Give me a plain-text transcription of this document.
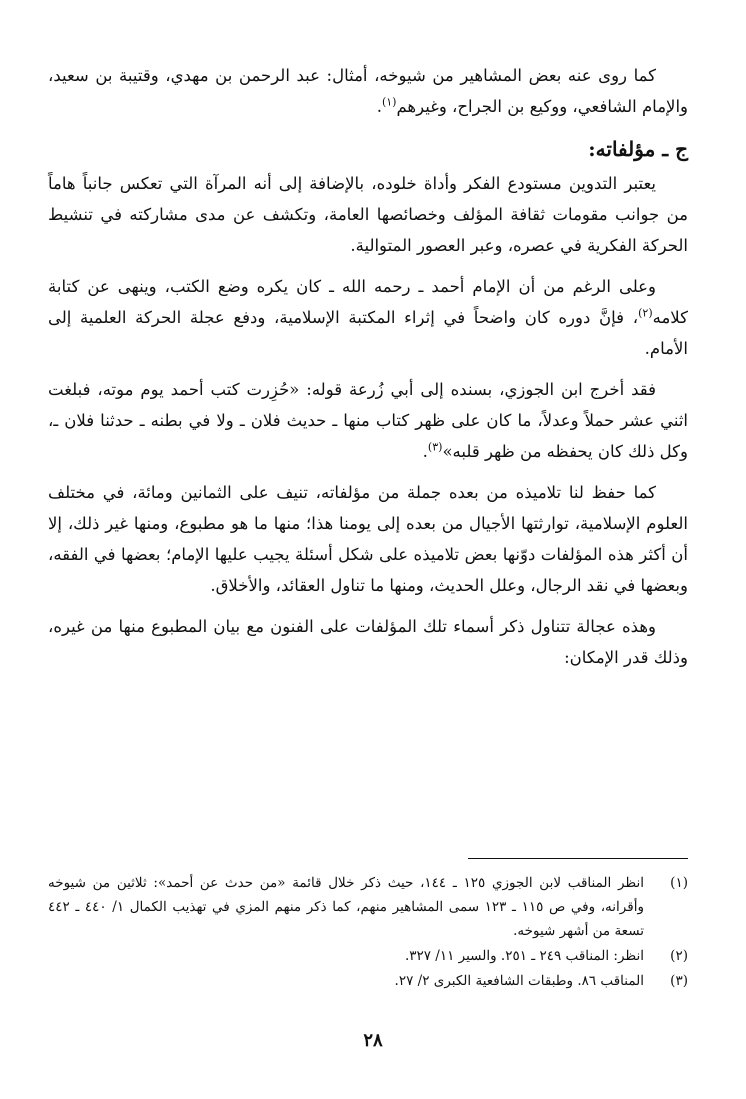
كما روى عنه بعض المشاهير من شيوخه، أمثال: عبد الرحمن بن مهدي، وقتيبة بن سعيد، والإمام الشافعي، ووكيع بن الجراح، وغيرهم$^{(١)}$.

ج ـ مؤلفاته:

يعتبر التدوين مستودع الفكر وأداة خلوده، بالإضافة إلى أنه المرآة التي تعكس جانباً هاماً من جوانب مقومات ثقافة المؤلف وخصائصها العامة، وتكشف عن مدى مشاركته في تنشيط الحركة الفكرية في عصره، وعبر العصور المتوالية.

وعلى الرغم من أن الإمام أحمد ـ رحمه الله ـ كان يكره وضع الكتب، وينهى عن كتابة كلامه$^{(٢)}$، فإنَّ دوره كان واضحاً في إثراء المكتبة الإسلامية، ودفع عجلة الحركة العلمية إلى الأمام.

فقد أخرج ابن الجوزي، بسنده إلى أبي زُرعة قوله: «حُزِرت كتب أحمد يوم موته، فبلغت اثني عشر حملاً وعدلاً، ما كان على ظهر كتاب منها ـ حديث فلان ـ ولا في بطنه ـ حدثنا فلان ـ، وكل ذلك كان يحفظه من ظهر قلبه»$^{(٣)}$.

كما حفظ لنا تلاميذه من بعده جملة من مؤلفاته، تنيف على الثمانين ومائة، في مختلف العلوم الإسلامية، توارثتها الأجيال من بعده إلى يومنا هذا؛ منها ما هو مطبوع، ومنها غير ذلك، إلا أن أكثر هذه المؤلفات دوّنها بعض تلاميذه على شكل أسئلة يجيب عليها الإمام؛ بعضها في الفقه، وبعضها في نقد الرجال، وعلل الحديث، ومنها ما تناول العقائد، والأخلاق.

وهذه عجالة تتناول ذكر أسماء تلك المؤلفات على الفنون مع بيان المطبوع منها من غيره، وذلك قدر الإمكان:

(١)
انظر المناقب لابن الجوزي ١٢٥ ـ ١٤٤، حيث ذكر خلال قائمة «من حدث عن أحمد»: ثلاثين من شيوخه وأقرانه، وفي ص ١١٥ ـ ١٢٣ سمى المشاهير منهم، كما ذكر منهم المزي في تهذيب الكمال ١/ ٤٤٠ ـ ٤٤٢ تسعة من أشهر شيوخه.
(٢)
انظر: المناقب ٢٤٩ ـ ٢٥١. والسير ١١/ ٣٢٧.
(٣)
المناقب ٨٦. وطبقات الشافعية الكبرى ٢/ ٢٧.
٢٨
